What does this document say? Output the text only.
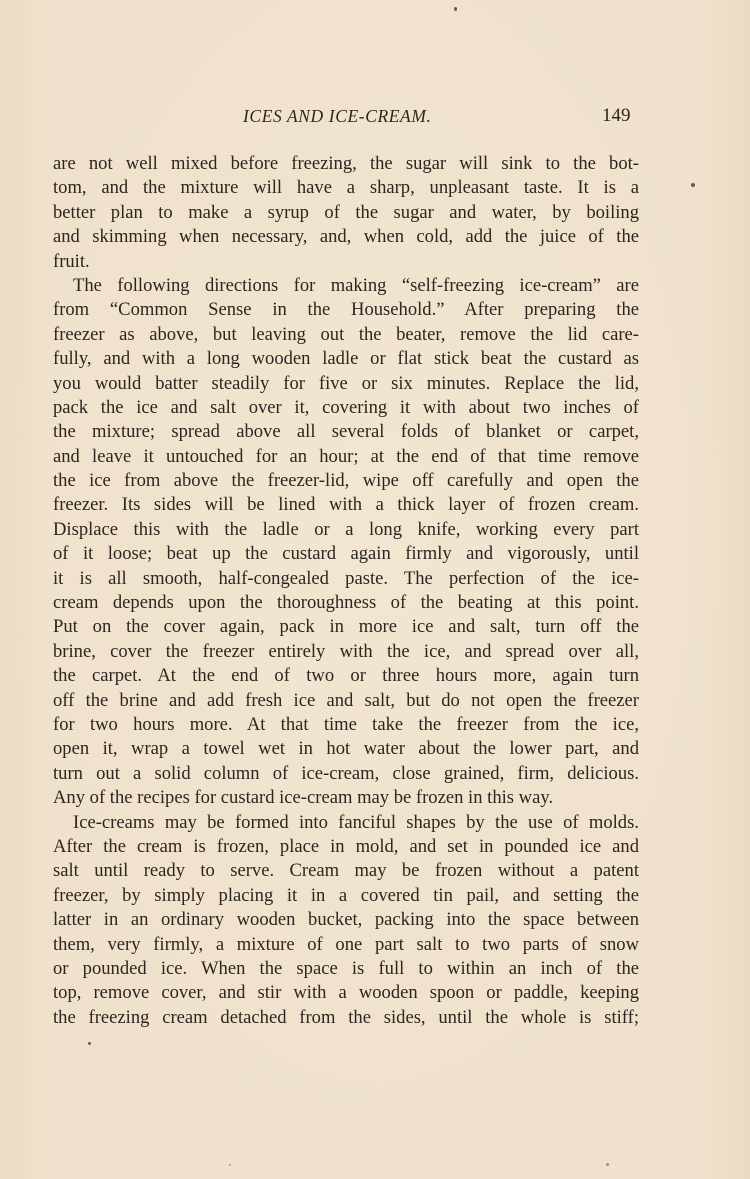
ICES AND ICE-CREAM.	149
are not well mixed before freezing, the sugar will sink to the bot-
tom, and the mixture will have a sharp, unpleasant taste. It is a
better plan to make a syrup of the sugar and water, by boiling
and skimming when necessary, and, when cold, add the juice of the
fruit.
The following directions for making “self-freezing ice-cream” are
from “Common Sense in the Household.” After preparing the
freezer as above, but leaving out the beater, remove the lid care-
fully, and with a long wooden ladle or flat stick beat the custard as
you would batter steadily for five or six minutes. Replace the lid,
pack the ice and salt over it, covering it with about two inches of
the mixture; spread above all several folds of blanket or carpet,
and leave it untouched for an hour; at the end of that time remove
the ice from above the freezer-lid, wipe off carefully and open the
freezer. Its sides will be lined with a thick layer of frozen cream.
Displace this with the ladle or a long knife, working every part
of it loose; beat up the custard again firmly and vigorously, until
it is all smooth, half-congealed paste. The perfection of the ice-
cream depends upon the thoroughness of the beating at this point.
Put on the cover again, pack in more ice and salt, turn off the
brine, cover the freezer entirely with the ice, and spread over all,
the carpet. At the end of two or three hours more, again turn
off the brine and add fresh ice and salt, but do not open the freezer
for two hours more. At that time take the freezer from the ice,
open it, wrap a towel wet in hot water about the lower part, and
turn out a solid column of ice-cream, close grained, firm, delicious.
Any of the recipes for custard ice-cream may be frozen in this way.
Ice-creams may be formed into fanciful shapes by the use of molds.
After the cream is frozen, place in mold, and set in pounded ice and
salt until ready to serve. Cream may be frozen without a patent
freezer, by simply placing it in a covered tin pail, and setting the
latter in an ordinary wooden bucket, packing into the space between
them, very firmly, a mixture of one part salt to two parts of snow
or pounded ice. When the space is full to within an inch of the
top, remove cover, and stir with a wooden spoon or paddle, keeping
the freezing cream detached from the sides, until the whole is stiff;
